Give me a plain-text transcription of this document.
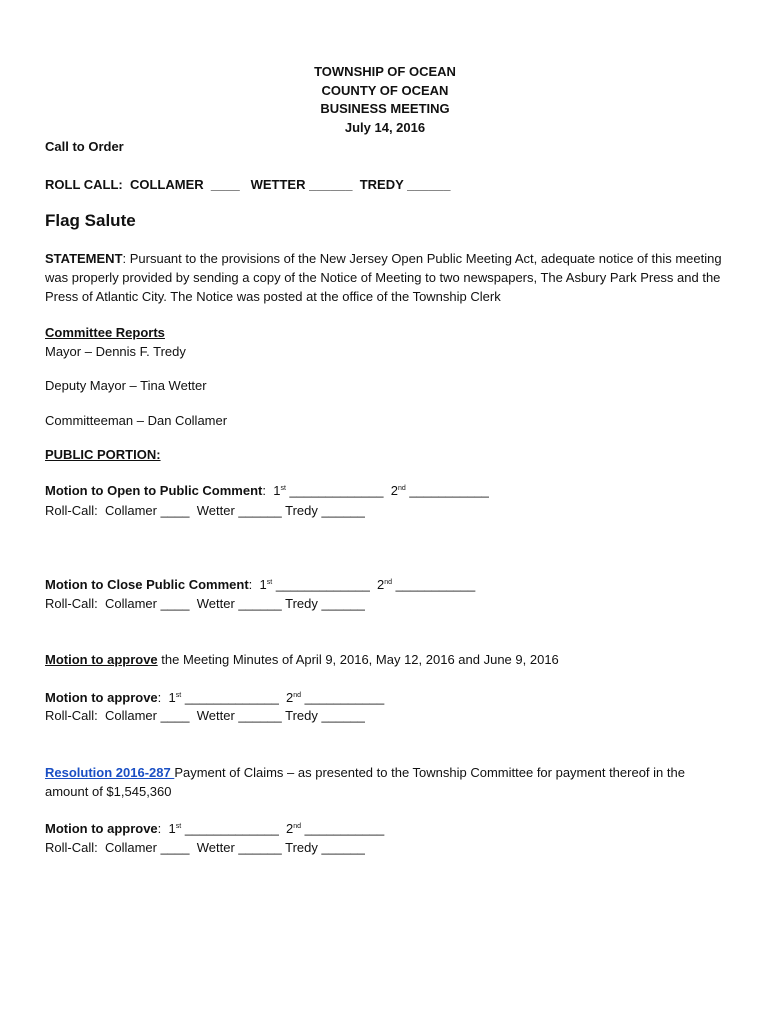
TOWNSHIP OF OCEAN
COUNTY OF OCEAN
BUSINESS MEETING
July 14, 2016
Call to Order
ROLL CALL:  COLLAMER  ____   WETTER ______  TREDY ______
Flag Salute
STATEMENT: Pursuant to the provisions of the New Jersey Open Public Meeting Act, adequate notice of this meeting was properly provided by sending a copy of the Notice of Meeting to two newspapers, The Asbury Park Press and the Press of Atlantic City. The Notice was posted at the office of the Township Clerk
Committee Reports
Mayor – Dennis F. Tredy
Deputy Mayor – Tina Wetter
Committeeman – Dan Collamer
PUBLIC PORTION:
Motion to Open to Public Comment:  1st _____________  2nd ___________
Roll-Call:  Collamer ____  Wetter ______ Tredy ______
Motion to Close Public Comment:  1st _____________  2nd ___________
Roll-Call:  Collamer ____  Wetter ______ Tredy ______
Motion to approve the Meeting Minutes of April 9, 2016, May 12, 2016 and June 9, 2016
Motion to approve:  1st _____________  2nd ___________
Roll-Call:  Collamer ____  Wetter ______ Tredy ______
Resolution 2016-287 Payment of Claims – as presented to the Township Committee for payment thereof in the amount of $1,545,360
Motion to approve:  1st _____________  2nd ___________
Roll-Call:  Collamer ____  Wetter ______ Tredy ______
